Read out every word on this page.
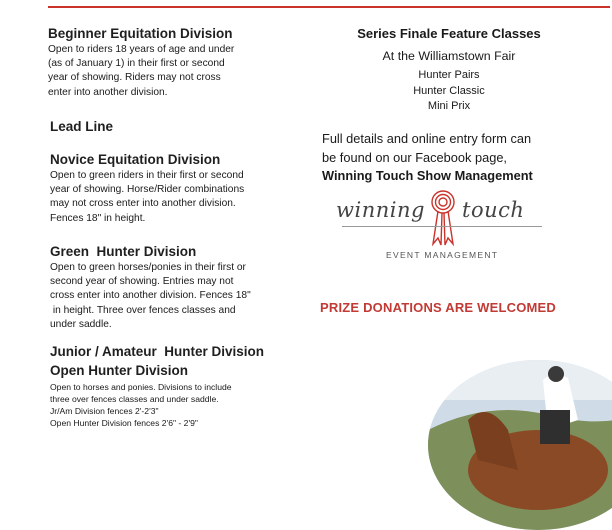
Beginner Equitation Division
Open to riders 18 years of age and under
(as of January 1) in their first or second
year of showing. Riders may not cross
enter into another division.
Lead Line
Novice Equitation Division
Open to green riders in their first or second
year of showing. Horse/Rider combinations
may not cross enter into another division.
Fences 18" in height.
Green  Hunter Division
Open to green horses/ponies in their first or
second year of showing. Entries may not
cross enter into another division. Fences 18"
in height. Three over fences classes and
under saddle.
Junior / Amateur  Hunter Division
Open Hunter Division
Open to horses and ponies. Divisions to include
three over fences classes and under saddle.
Jr/Am Division fences 2'-2'3"
Open Hunter Division fences 2'6" - 2'9"
Series Finale Feature Classes
At the Williamstown Fair
Hunter Pairs
Hunter Classic
Mini Prix
Full details and online entry form can
be found on our Facebook page,
Winning Touch Show Management
winning touch
EVENT MANAGEMENT
PRIZE DONATIONS ARE WELCOMED
